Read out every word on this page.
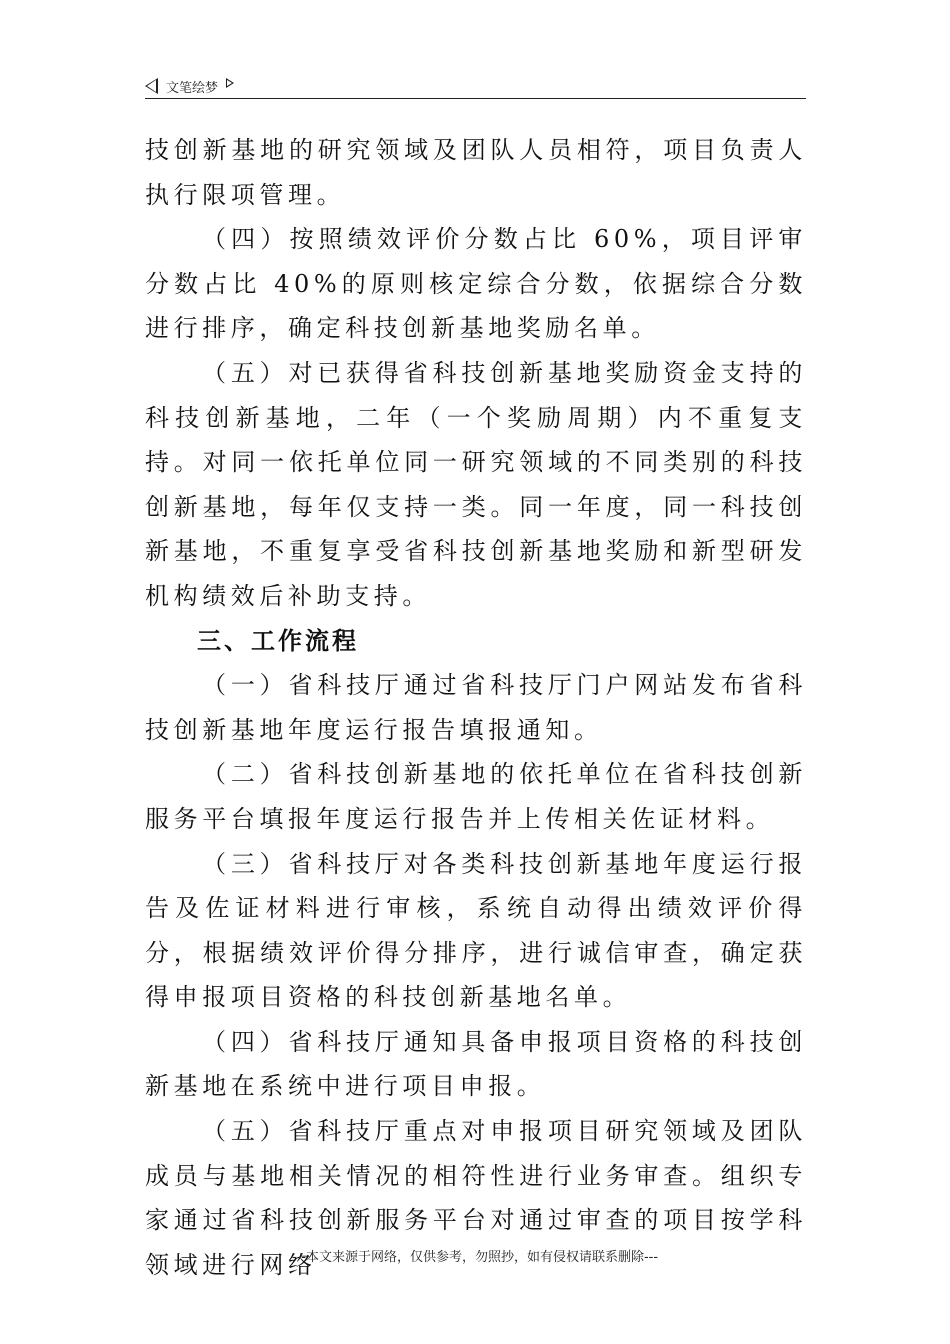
文笔绘梦

技创新基地的研究领域及团队人员相符，项目负责人执行限项管理。

（四）按照绩效评价分数占比 60%，项目评审分数占比 40%的原则核定综合分数，依据综合分数进行排序，确定科技创新基地奖励名单。

（五）对已获得省科技创新基地奖励资金支持的科技创新基地，二年（一个奖励周期）内不重复支持。对同一依托单位同一研究领域的不同类别的科技创新基地，每年仅支持一类。同一年度，同一科技创新基地，不重复享受省科技创新基地奖励和新型研发机构绩效后补助支持。

三、工作流程

（一）省科技厅通过省科技厅门户网站发布省科技创新基地年度运行报告填报通知。

（二）省科技创新基地的依托单位在省科技创新服务平台填报年度运行报告并上传相关佐证材料。

（三）省科技厅对各类科技创新基地年度运行报告及佐证材料进行审核，系统自动得出绩效评价得分，根据绩效评价得分排序，进行诚信审查，确定获得申报项目资格的科技创新基地名单。

（四）省科技厅通知具备申报项目资格的科技创新基地在系统中进行项目申报。

（五）省科技厅重点对申报项目研究领域及团队成员与基地相关情况的相符性进行业务审查。组织专家通过省科技创新服务平台对通过审查的项目按学科领域进行网络

---本文来源于网络，仅供参考，勿照抄，如有侵权请联系删除---
